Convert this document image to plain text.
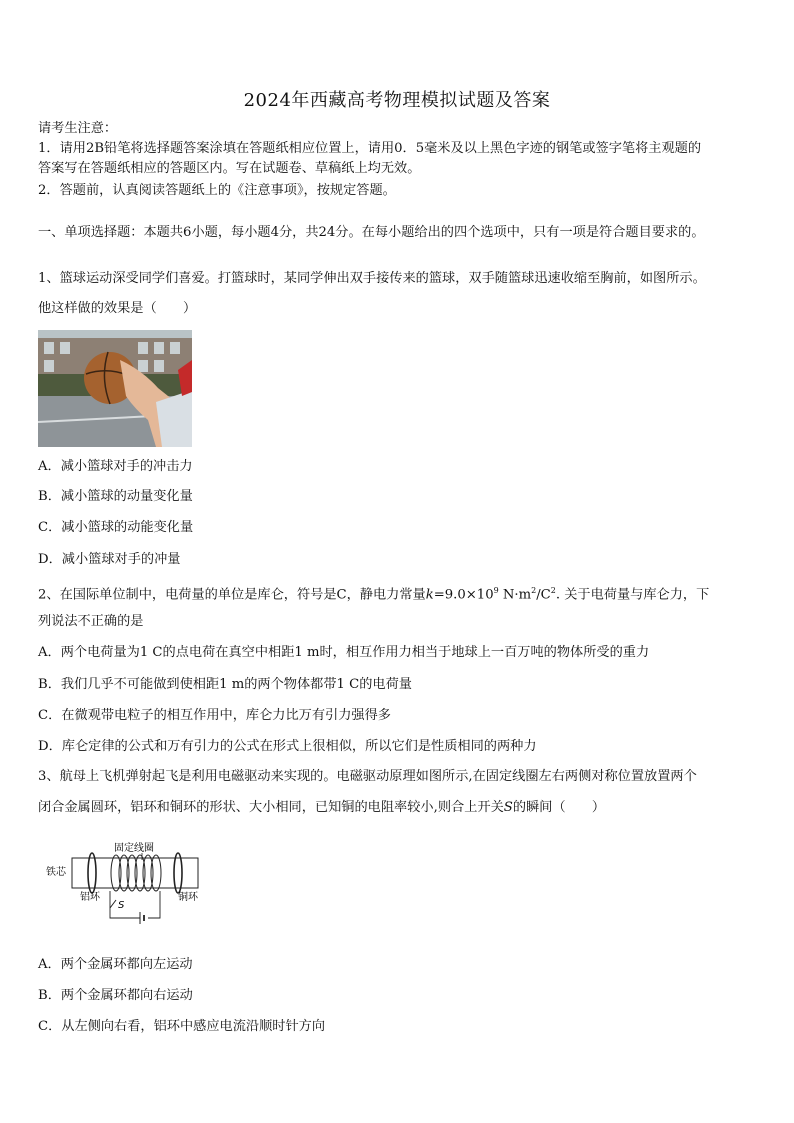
2024年西藏高考物理模拟试题及答案
请考生注意：
1．请用2B铅笔将选择题答案涂填在答题纸相应位置上，请用0．5毫米及以上黑色字迹的钢笔或签字笔将主观题的
答案写在答题纸相应的答题区内。写在试题卷、草稿纸上均无效。
2．答题前，认真阅读答题纸上的《注意事项》，按规定答题。
一、单项选择题：本题共6小题，每小题4分，共24分。在每小题给出的四个选项中，只有一项是符合题目要求的。
1、篮球运动深受同学们喜爱。打篮球时，某同学伸出双手接传来的篮球，双手随篮球迅速收缩至胸前，如图所示。
他这样做的效果是（　　）
A．减小篮球对手的冲击力
B．减小篮球的动量变化量
C．减小篮球的动能变化量
D．减小篮球对手的冲量
2、在国际单位制中，电荷量的单位是库仑，符号是C，静电力常量$k=9.0\times 10^9$ $N\cdot m^2/C^2$. 关于电荷量与库仑力，下
列说法不正确的是
A．两个电荷量为1 C的点电荷在真空中相距1 m时，相互作用力相当于地球上一百万吨的物体所受的重力
B．我们几乎不可能做到使相距1 m的两个物体都带1 C的电荷量
C．在微观带电粒子的相互作用中，库仑力比万有引力强得多
D．库仑定律的公式和万有引力的公式在形式上很相似，所以它们是性质相同的两种力
3、航母上飞机弹射起飞是利用电磁驱动来实现的。电磁驱动原理如图所示,在固定线圈左右两侧对称位置放置两个
闭合金属圆环，铝环和铜环的形状、大小相同，已知铜的电阻率较小,则合上开关S的瞬间（　　）
固定线圈
铁芯
铝环	铜环
S
A．两个金属环都向左运动
B．两个金属环都向右运动
C．从左侧向右看，铝环中感应电流沿顺时针方向
